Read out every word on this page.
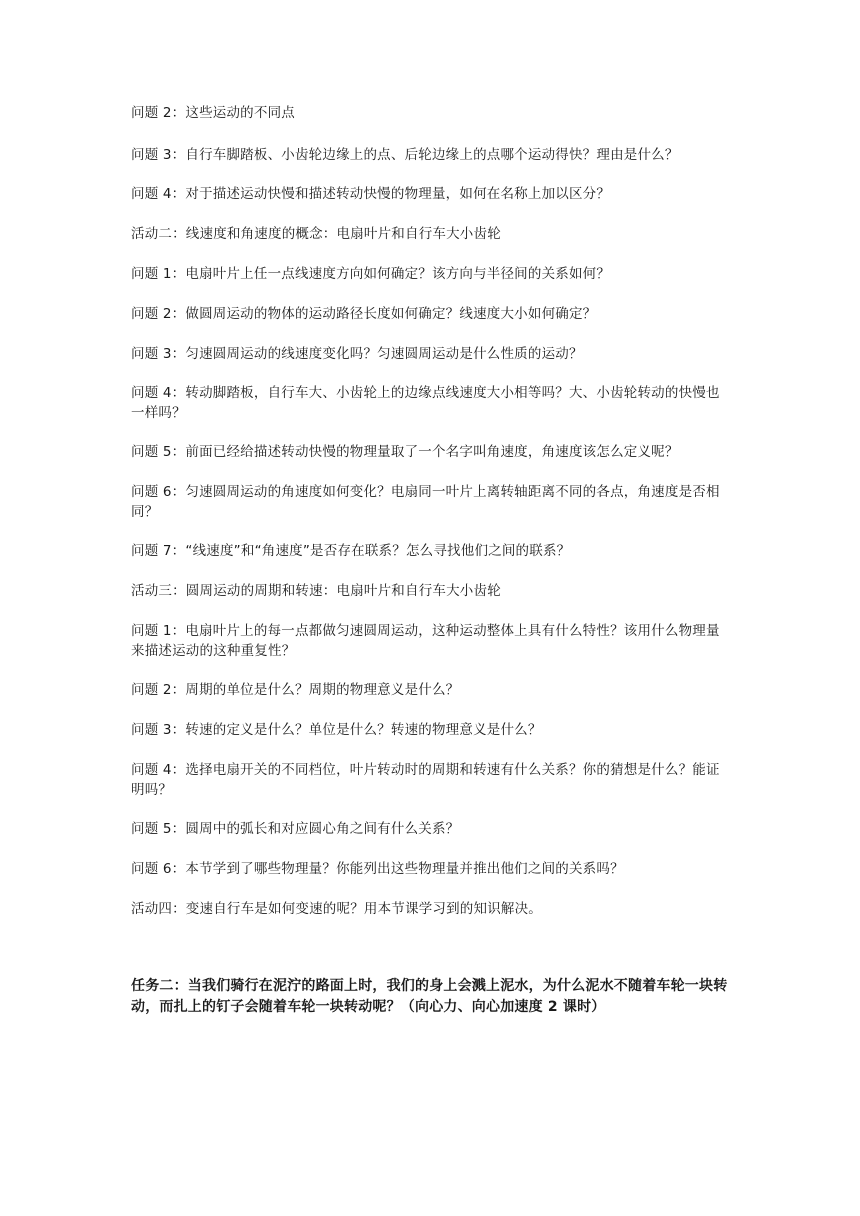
问题 2：这些运动的不同点

问题 3：自行车脚踏板、小齿轮边缘上的点、后轮边缘上的点哪个运动得快？理由是什么？

问题 4：对于描述运动快慢和描述转动快慢的物理量，如何在名称上加以区分？

活动二：线速度和角速度的概念：电扇叶片和自行车大小齿轮

问题 1：电扇叶片上任一点线速度方向如何确定？该方向与半径间的关系如何？

问题 2：做圆周运动的物体的运动路径长度如何确定？线速度大小如何确定？

问题 3：匀速圆周运动的线速度变化吗？匀速圆周运动是什么性质的运动？

问题 4：转动脚踏板，自行车大、小齿轮上的边缘点线速度大小相等吗？大、小齿轮转动的快慢也一样吗？

问题 5：前面已经给描述转动快慢的物理量取了一个名字叫角速度，角速度该怎么定义呢？

问题 6：匀速圆周运动的角速度如何变化？电扇同一叶片上离转轴距离不同的各点，角速度是否相同？

问题 7：“线速度”和“角速度”是否存在联系？怎么寻找他们之间的联系？

活动三：圆周运动的周期和转速：电扇叶片和自行车大小齿轮

问题 1：电扇叶片上的每一点都做匀速圆周运动，这种运动整体上具有什么特性？该用什么物理量来描述运动的这种重复性？

问题 2：周期的单位是什么？周期的物理意义是什么？

问题 3：转速的定义是什么？单位是什么？转速的物理意义是什么？

问题 4：选择电扇开关的不同档位，叶片转动时的周期和转速有什么关系？你的猜想是什么？能证明吗？

问题 5：圆周中的弧长和对应圆心角之间有什么关系？

问题 6：本节学到了哪些物理量？你能列出这些物理量并推出他们之间的关系吗？

活动四：变速自行车是如何变速的呢？用本节课学习到的知识解决。

任务二：当我们骑行在泥泞的路面上时，我们的身上会溅上泥水，为什么泥水不随着车轮一块转动，而扎上的钉子会随着车轮一块转动呢？（向心力、向心加速度 2 课时）
